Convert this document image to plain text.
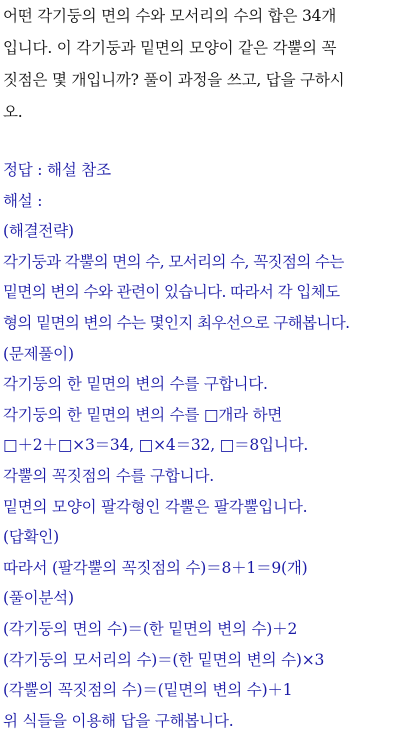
어떤 각기둥의 면의 수와 모서리의 수의 합은 34개
입니다. 이 각기둥과 밑면의 모양이 같은 각뿔의 꼭
짓점은 몇 개입니까? 풀이 과정을 쓰고, 답을 구하시
오.
정답 : 해설 참조
해설 :
(해결전략)
각기둥과 각뿔의 면의 수, 모서리의 수, 꼭짓점의 수는
밑면의 변의 수와 관련이 있습니다. 따라서 각 입체도
형의 밑면의 변의 수는 몇인지 최우선으로 구해봅니다.
(문제풀이)
각기둥의 한 밑면의 변의 수를 구합니다.
각기둥의 한 밑면의 변의 수를 □개라 하면
□＋2＋□×3＝34, □×4＝32, □＝8입니다.
각뿔의 꼭짓점의 수를 구합니다.
밑면의 모양이 팔각형인 각뿔은 팔각뿔입니다.
(답확인)
따라서 (팔각뿔의 꼭짓점의 수)＝8＋1＝9(개)
(풀이분석)
(각기둥의 면의 수)＝(한 밑면의 변의 수)＋2
(각기둥의 모서리의 수)＝(한 밑면의 변의 수)×3
(각뿔의 꼭짓점의 수)＝(밑면의 변의 수)＋1
위 식들을 이용해 답을 구해봅니다.
